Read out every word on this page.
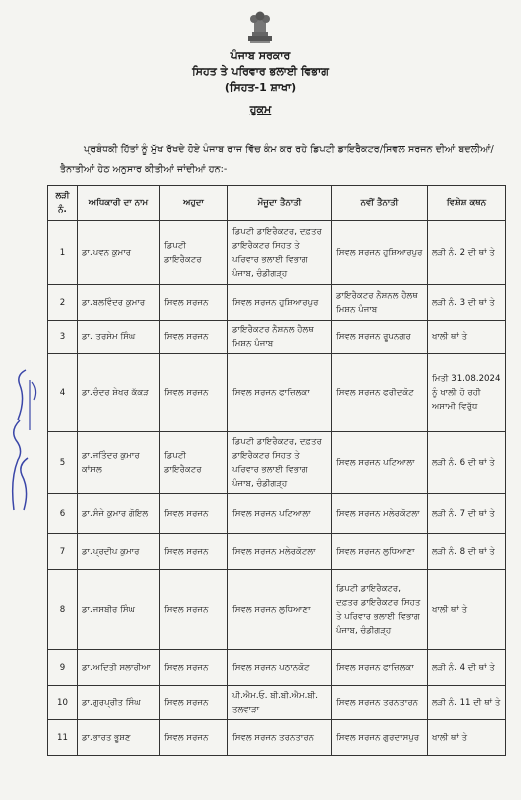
ਪੰਜਾਬ ਸਰਕਾਰ
ਸਿਹਤ ਤੇ ਪਰਿਵਾਰ ਭਲਾਈ ਵਿਭਾਗ
(ਸਿਹਤ-1 ਸ਼ਾਖਾ)
ਹੁਕਮ
ਪ੍ਰਬੰਧਕੀ ਹਿੱਤਾਂ ਨੂੰ ਮੁੱਖ ਰੱਖਦੇ ਹੋਏ ਪੰਜਾਬ ਰਾਜ ਵਿੱਚ ਕੰਮ ਕਰ ਰਹੇ ਡਿਪਟੀ ਡਾਇਰੈਕਟਰ/ਸਿਵਲ ਸਰਜਨ ਦੀਆਂ ਬਦਲੀਆਂ/ ਤੈਨਾਤੀਆਂ ਹੇਠ ਅਨੁਸਾਰ ਕੀਤੀਆਂ ਜਾਂਦੀਆਂ ਹਨ:-
ਲੜੀ ਨੰ.	ਅਧਿਕਾਰੀ ਦਾ ਨਾਮ	ਅਹੁਦਾ	ਮੌਜੂਦਾ ਤੈਨਾਤੀ	ਨਵੀਂ ਤੈਨਾਤੀ	ਵਿਸ਼ੇਸ਼ ਕਥਨ
1	ਡਾ.ਪਵਨ ਕੁਮਾਰ	ਡਿਪਟੀ ਡਾਇਰੈਕਟਰ	ਡਿਪਟੀ ਡਾਇਰੈਕਟਰ, ਦਫ਼ਤਰ ਡਾਇਰੈਕਟਰ ਸਿਹਤ ਤੇ ਪਰਿਵਾਰ ਭਲਾਈ ਵਿਭਾਗ ਪੰਜਾਬ, ਚੰਡੀਗੜ੍ਹ	ਸਿਵਲ ਸਰਜਨ ਹੁਸ਼ਿਆਰਪੁਰ	ਲੜੀ ਨੰ. 2 ਦੀ ਥਾਂ ਤੇ
2	ਡਾ.ਬਲਵਿੰਦਰ ਕੁਮਾਰ	ਸਿਵਲ ਸਰਜਨ	ਸਿਵਲ ਸਰਜਨ ਹੁਸ਼ਿਆਰਪੁਰ	ਡਾਇਰੈਕਟਰ ਨੈਸ਼ਨਲ ਹੈਲਥ ਮਿਸ਼ਨ ਪੰਜਾਬ	ਲੜੀ ਨੰ. 3 ਦੀ ਥਾਂ ਤੇ
3	ਡਾ. ਤਰਸੇਮ ਸਿੰਘ	ਸਿਵਲ ਸਰਜਨ	ਡਾਇਰੈਕਟਰ ਨੈਸ਼ਨਲ ਹੈਲਥ ਮਿਸ਼ਨ ਪੰਜਾਬ	ਸਿਵਲ ਸਰਜਨ ਰੂਪਨਗਰ	ਖਾਲੀ ਥਾਂ ਤੇ
4	ਡਾ.ਚੰਦਰ ਸ਼ੇਖਰ ਕੱਕੜ	ਸਿਵਲ ਸਰਜਨ	ਸਿਵਲ ਸਰਜਨ ਫਾਜ਼ਿਲਕਾ	ਸਿਵਲ ਸਰਜਨ ਫਰੀਦਕੋਟ	ਮਿਤੀ 31.08.2024 ਨੂੰ ਖਾਲੀ ਹੋ ਰਹੀ ਅਸਾਮੀ ਵਿਰੁੱਧ
5	ਡਾ.ਜਤਿੰਦਰ ਕੁਮਾਰ ਕਾਂਸਲ	ਡਿਪਟੀ ਡਾਇਰੈਕਟਰ	ਡਿਪਟੀ ਡਾਇਰੈਕਟਰ, ਦਫ਼ਤਰ ਡਾਇਰੈਕਟਰ ਸਿਹਤ ਤੇ ਪਰਿਵਾਰ ਭਲਾਈ ਵਿਭਾਗ ਪੰਜਾਬ, ਚੰਡੀਗੜ੍ਹ	ਸਿਵਲ ਸਰਜਨ ਪਟਿਆਲਾ	ਲੜੀ ਨੰ. 6 ਦੀ ਥਾਂ ਤੇ
6	ਡਾ.ਸੰਜੇ ਕੁਮਾਰ ਗੋਇਲ	ਸਿਵਲ ਸਰਜਨ	ਸਿਵਲ ਸਰਜਨ ਪਟਿਆਲਾ	ਸਿਵਲ ਸਰਜਨ ਮਲੇਰਕੋਟਲਾ	ਲੜੀ ਨੰ. 7 ਦੀ ਥਾਂ ਤੇ
7	ਡਾ.ਪ੍ਰਦੀਪ ਕੁਮਾਰ	ਸਿਵਲ ਸਰਜਨ	ਸਿਵਲ ਸਰਜਨ ਮਲੇਰਕੋਟਲਾ	ਸਿਵਲ ਸਰਜਨ ਲੁਧਿਆਣਾ	ਲੜੀ ਨੰ. 8 ਦੀ ਥਾਂ ਤੇ
8	ਡਾ.ਜਸਬੀਰ ਸਿੰਘ	ਸਿਵਲ ਸਰਜਨ	ਸਿਵਲ ਸਰਜਨ ਲੁਧਿਆਣਾ	ਡਿਪਟੀ ਡਾਇਰੈਕਟਰ, ਦਫ਼ਤਰ ਡਾਇਰੈਕਟਰ ਸਿਹਤ ਤੇ ਪਰਿਵਾਰ ਭਲਾਈ ਵਿਭਾਗ ਪੰਜਾਬ, ਚੰਡੀਗੜ੍ਹ	ਖਾਲੀ ਥਾਂ ਤੇ
9	ਡਾ.ਅਦਿਤੀ ਸਲਾਰੀਆ	ਸਿਵਲ ਸਰਜਨ	ਸਿਵਲ ਸਰਜਨ ਪਠਾਨਕੋਟ	ਸਿਵਲ ਸਰਜਨ ਫਾਜ਼ਿਲਕਾ	ਲੜੀ ਨੰ. 4 ਦੀ ਥਾਂ ਤੇ
10	ਡਾ.ਗੁਰਪ੍ਰੀਤ ਸਿੰਘ	ਸਿਵਲ ਸਰਜਨ	ਪੀ.ਐਮ.ਓ. ਬੀ.ਬੀ.ਐਮ.ਬੀ. ਤਲਵਾੜਾ	ਸਿਵਲ ਸਰਜਨ ਤਰਨਤਾਰਨ	ਲੜੀ ਨੰ. 11 ਦੀ ਥਾਂ ਤੇ
11	ਡਾ.ਭਾਰਤ ਭੂਸ਼ਣ	ਸਿਵਲ ਸਰਜਨ	ਸਿਵਲ ਸਰਜਨ ਤਰਨਤਾਰਨ	ਸਿਵਲ ਸਰਜਨ ਗੁਰਦਾਸਪੁਰ	ਖਾਲੀ ਥਾਂ ਤੇ
